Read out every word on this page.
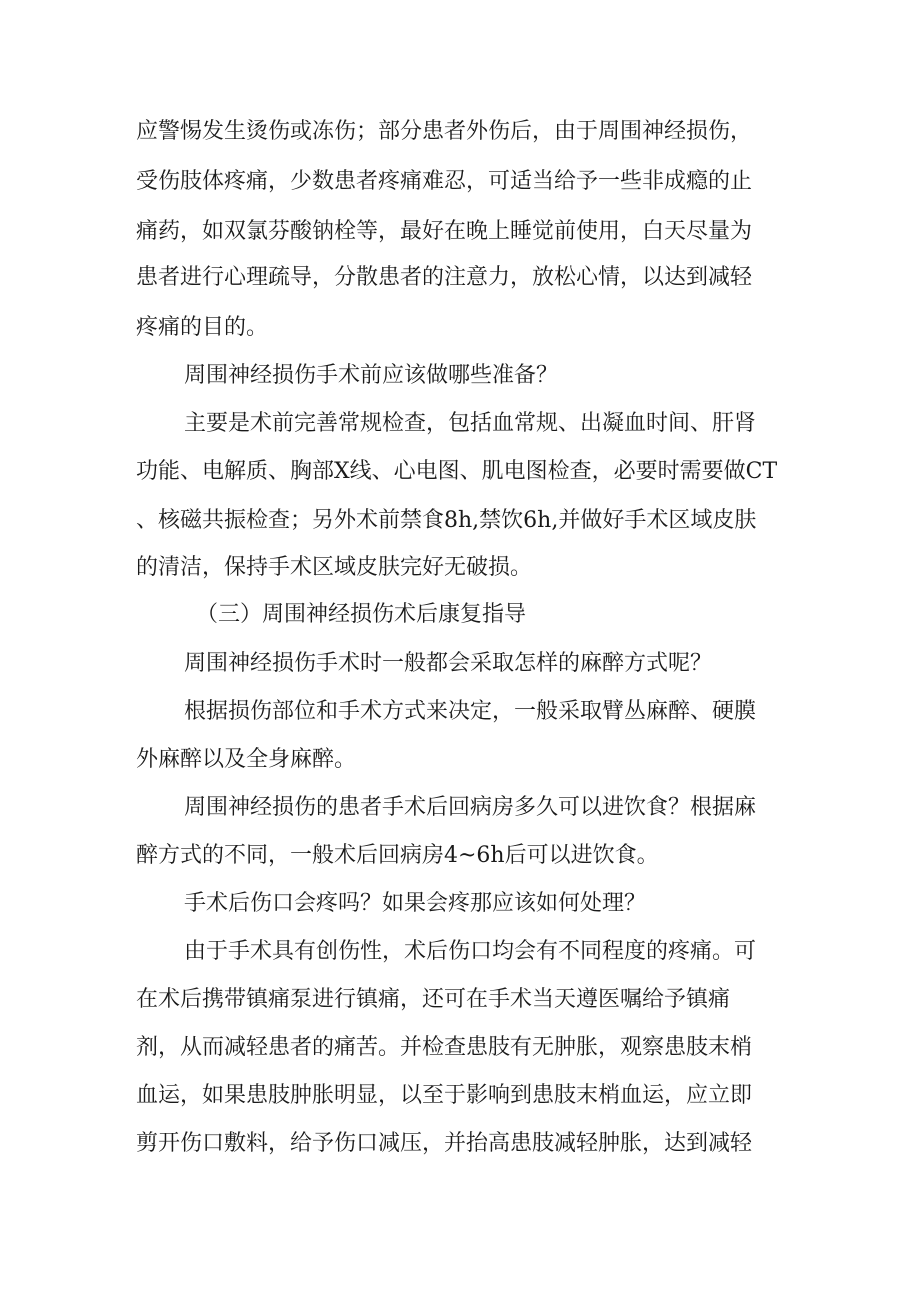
应警惕发生烫伤或冻伤；部分患者外伤后，由于周围神经损伤，
受伤肢体疼痛，少数患者疼痛难忍，可适当给予一些非成瘾的止
痛药，如双氯芬酸钠栓等，最好在晚上睡觉前使用，白天尽量为
患者进行心理疏导，分散患者的注意力，放松心情，以达到减轻
疼痛的目的。
周围神经损伤手术前应该做哪些准备？
主要是术前完善常规检查，包括血常规、出凝血时间、肝肾
功能、电解质、胸部X线、心电图、肌电图检查，必要时需要做CT
、核磁共振检查；另外术前禁食8h,禁饮6h,并做好手术区域皮肤
的清洁，保持手术区域皮肤完好无破损。
（三）周围神经损伤术后康复指导
周围神经损伤手术时一般都会采取怎样的麻醉方式呢？
根据损伤部位和手术方式来决定，一般采取臂丛麻醉、硬膜
外麻醉以及全身麻醉。
周围神经损伤的患者手术后回病房多久可以进饮食？根据麻
醉方式的不同，一般术后回病房4~6h后可以进饮食。
手术后伤口会疼吗？如果会疼那应该如何处理？
由于手术具有创伤性，术后伤口均会有不同程度的疼痛。可
在术后携带镇痛泵进行镇痛，还可在手术当天遵医嘱给予镇痛
剂，从而减轻患者的痛苦。并检查患肢有无肿胀，观察患肢末梢
血运，如果患肢肿胀明显，以至于影响到患肢末梢血运，应立即
剪开伤口敷料，给予伤口减压，并抬高患肢减轻肿胀，达到减轻
